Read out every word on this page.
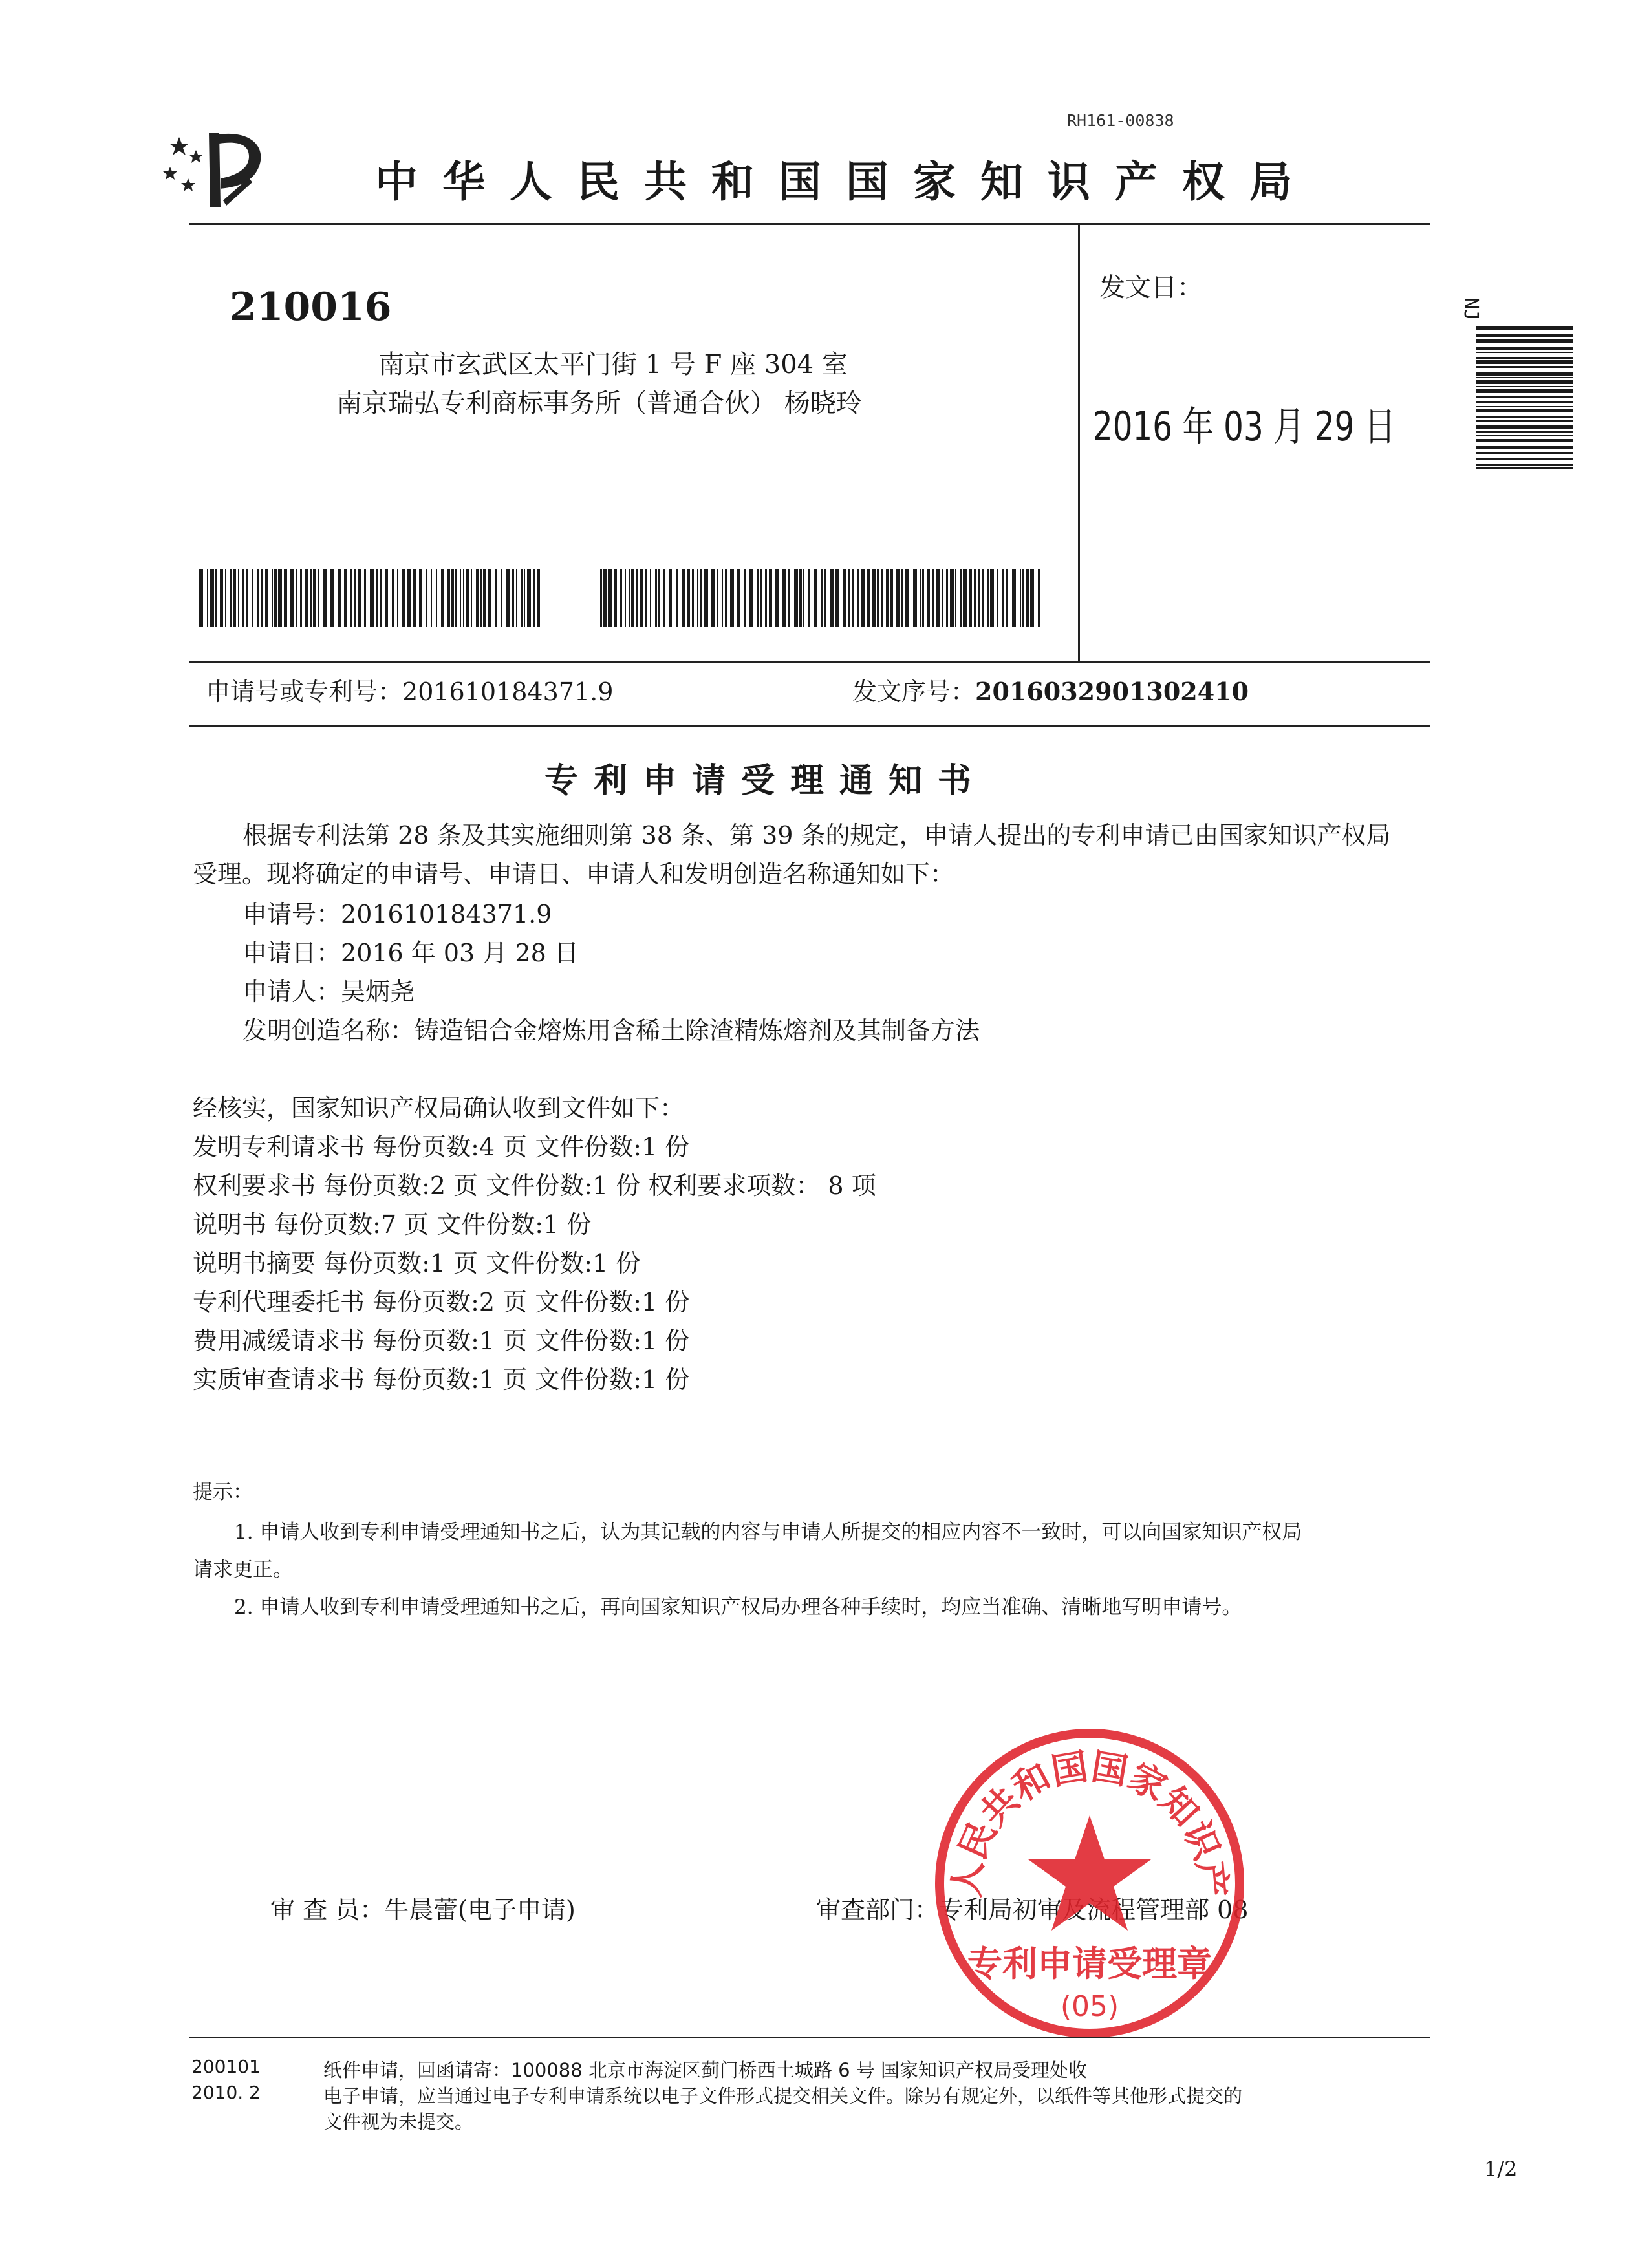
RH161-00838
中华人民共和国国家知识产权局
210016
南京市玄武区太平门街 1 号 F 座 304 室
南京瑞弘专利商标事务所（普通合伙） 杨晓玲
发文日：
2016 年 03 月 29 日
NJ
申请号或专利号：201610184371.9	发文序号：2016032901302410
专利申请受理通知书
根据专利法第 28 条及其实施细则第 38 条、第 39 条的规定，申请人提出的专利申请已由国家知识产权局
受理。现将确定的申请号、申请日、申请人和发明创造名称通知如下：
申请号：201610184371.9
申请日：2016 年 03 月 28 日
申请人：吴炳尧
发明创造名称：铸造铝合金熔炼用含稀土除渣精炼熔剂及其制备方法
经核实，国家知识产权局确认收到文件如下：
发明专利请求书 每份页数:4 页 文件份数:1 份
权利要求书 每份页数:2 页 文件份数:1 份 权利要求项数： 8 项
说明书 每份页数:7 页 文件份数:1 份
说明书摘要 每份页数:1 页 文件份数:1 份
专利代理委托书 每份页数:2 页 文件份数:1 份
费用减缓请求书 每份页数:1 页 文件份数:1 份
实质审查请求书 每份页数:1 页 文件份数:1 份
提示：
1. 申请人收到专利申请受理通知书之后，认为其记载的内容与申请人所提交的相应内容不一致时，可以向国家知识产权局
请求更正。
2. 申请人收到专利申请受理通知书之后，再向国家知识产权局办理各种手续时，均应当准确、清晰地写明申请号。
审 查 员：牛晨蕾(电子申请)	审查部门：专利局初审及流程管理部 08
人民共和国国家知识产
专利申请受理章
(05)
200101
2010. 2
纸件申请，回函请寄：100088 北京市海淀区蓟门桥西土城路 6 号 国家知识产权局受理处收
电子申请，应当通过电子专利申请系统以电子文件形式提交相关文件。除另有规定外，以纸件等其他形式提交的
文件视为未提交。
1/2
